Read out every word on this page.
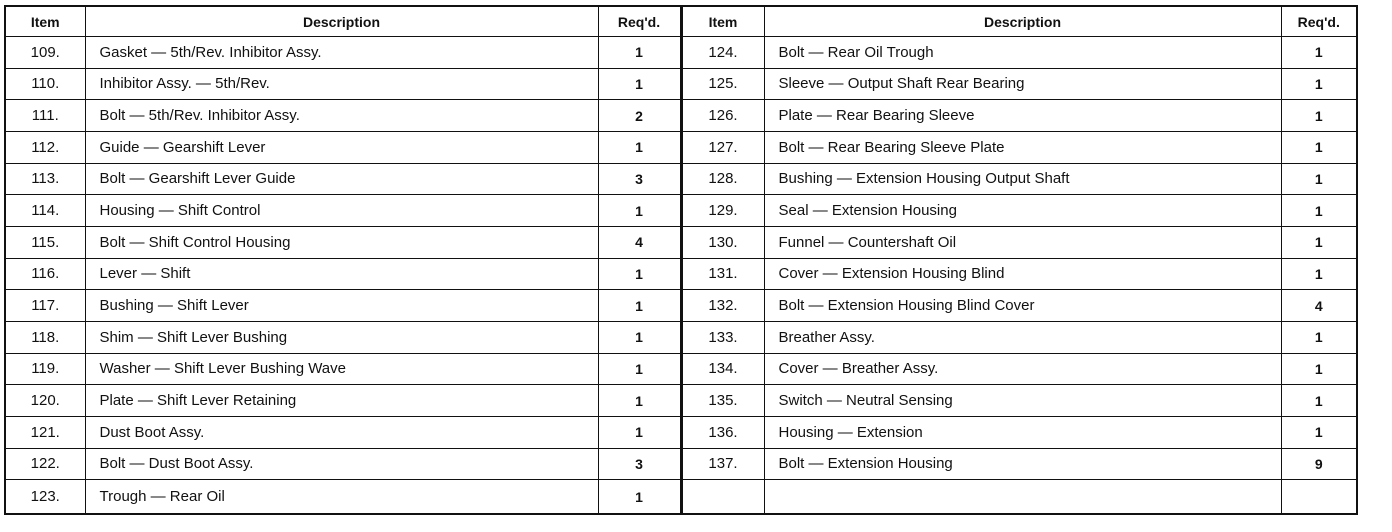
Item	Description	Req'd.	Item	Description	Req'd.
109.	Gasket — 5th/Rev. Inhibitor Assy.	1	124.	Bolt — Rear Oil Trough	1
110.	Inhibitor Assy. — 5th/Rev.	1	125.	Sleeve — Output Shaft Rear Bearing	1
111.	Bolt — 5th/Rev. Inhibitor Assy.	2	126.	Plate — Rear Bearing Sleeve	1
112.	Guide — Gearshift Lever	1	127.	Bolt — Rear Bearing Sleeve Plate	1
113.	Bolt — Gearshift Lever Guide	3	128.	Bushing — Extension Housing Output Shaft	1
114.	Housing — Shift Control	1	129.	Seal — Extension Housing	1
115.	Bolt — Shift Control Housing	4	130.	Funnel — Countershaft Oil	1
116.	Lever — Shift	1	131.	Cover — Extension Housing Blind	1
117.	Bushing — Shift Lever	1	132.	Bolt — Extension Housing Blind Cover	4
118.	Shim — Shift Lever Bushing	1	133.	Breather Assy.	1
119.	Washer — Shift Lever Bushing Wave	1	134.	Cover — Breather Assy.	1
120.	Plate — Shift Lever Retaining	1	135.	Switch — Neutral Sensing	1
121.	Dust Boot Assy.	1	136.	Housing — Extension	1
122.	Bolt — Dust Boot Assy.	3	137.	Bolt — Extension Housing	9
123.	Trough — Rear Oil	1			
